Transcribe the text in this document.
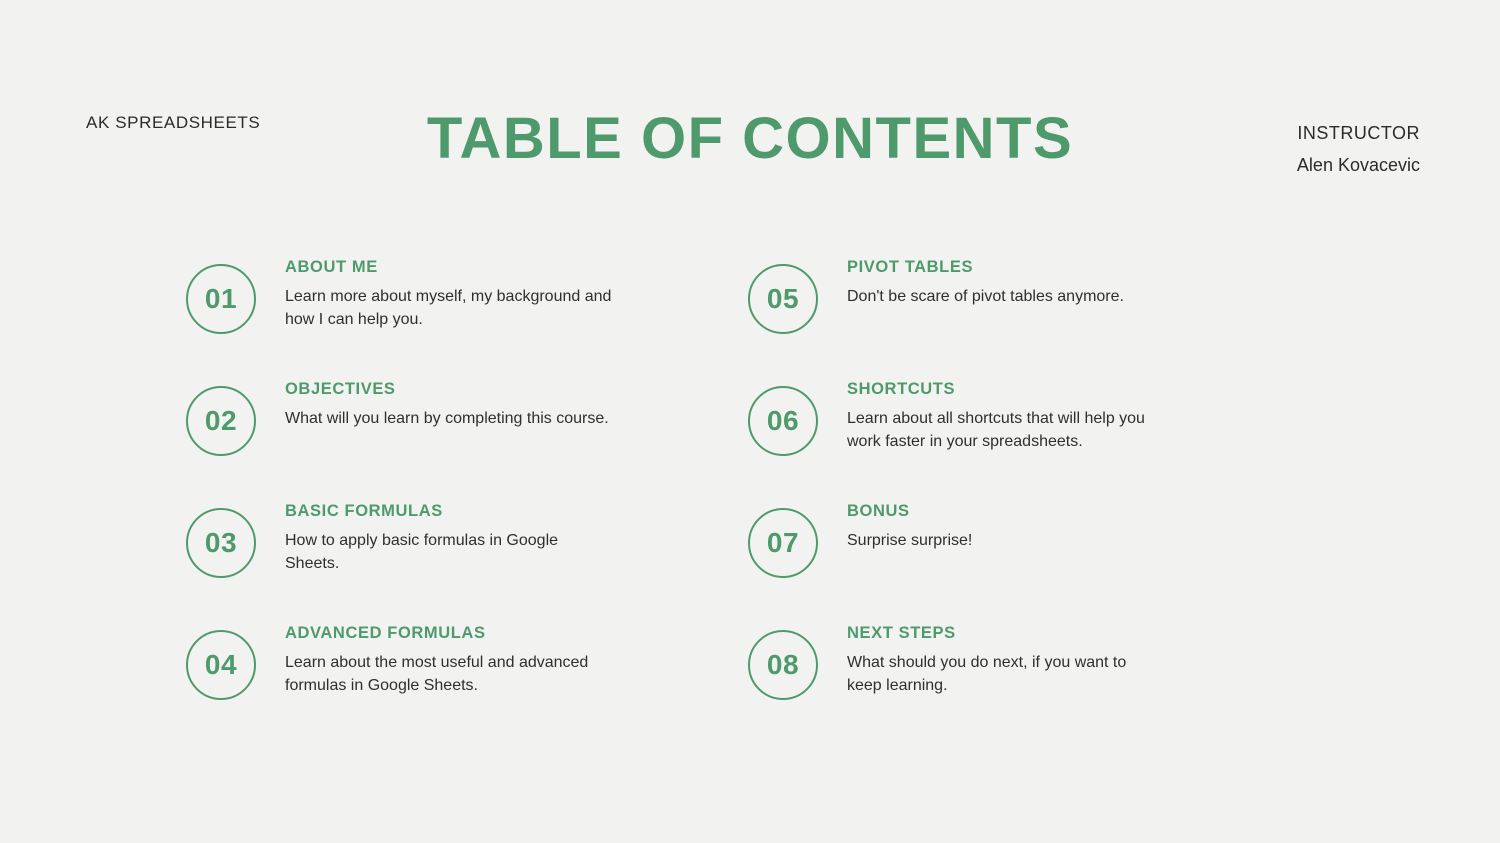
AK SPREADSHEETS	TABLE OF CONTENTS	INSTRUCTOR
Alen Kovacevic
01
ABOUT ME
Learn more about myself, my background and how I can help you.
02
OBJECTIVES
What will you learn by completing this course.
03
BASIC FORMULAS
How to apply basic formulas in Google Sheets.
04
ADVANCED FORMULAS
Learn about the most useful and advanced formulas in Google Sheets.
05
PIVOT TABLES
Don't be scare of pivot tables anymore.
06
SHORTCUTS
Learn about all shortcuts that will help you work faster in your spreadsheets.
07
BONUS
Surprise surprise!
08
NEXT STEPS
What should you do next, if you want to keep learning.
